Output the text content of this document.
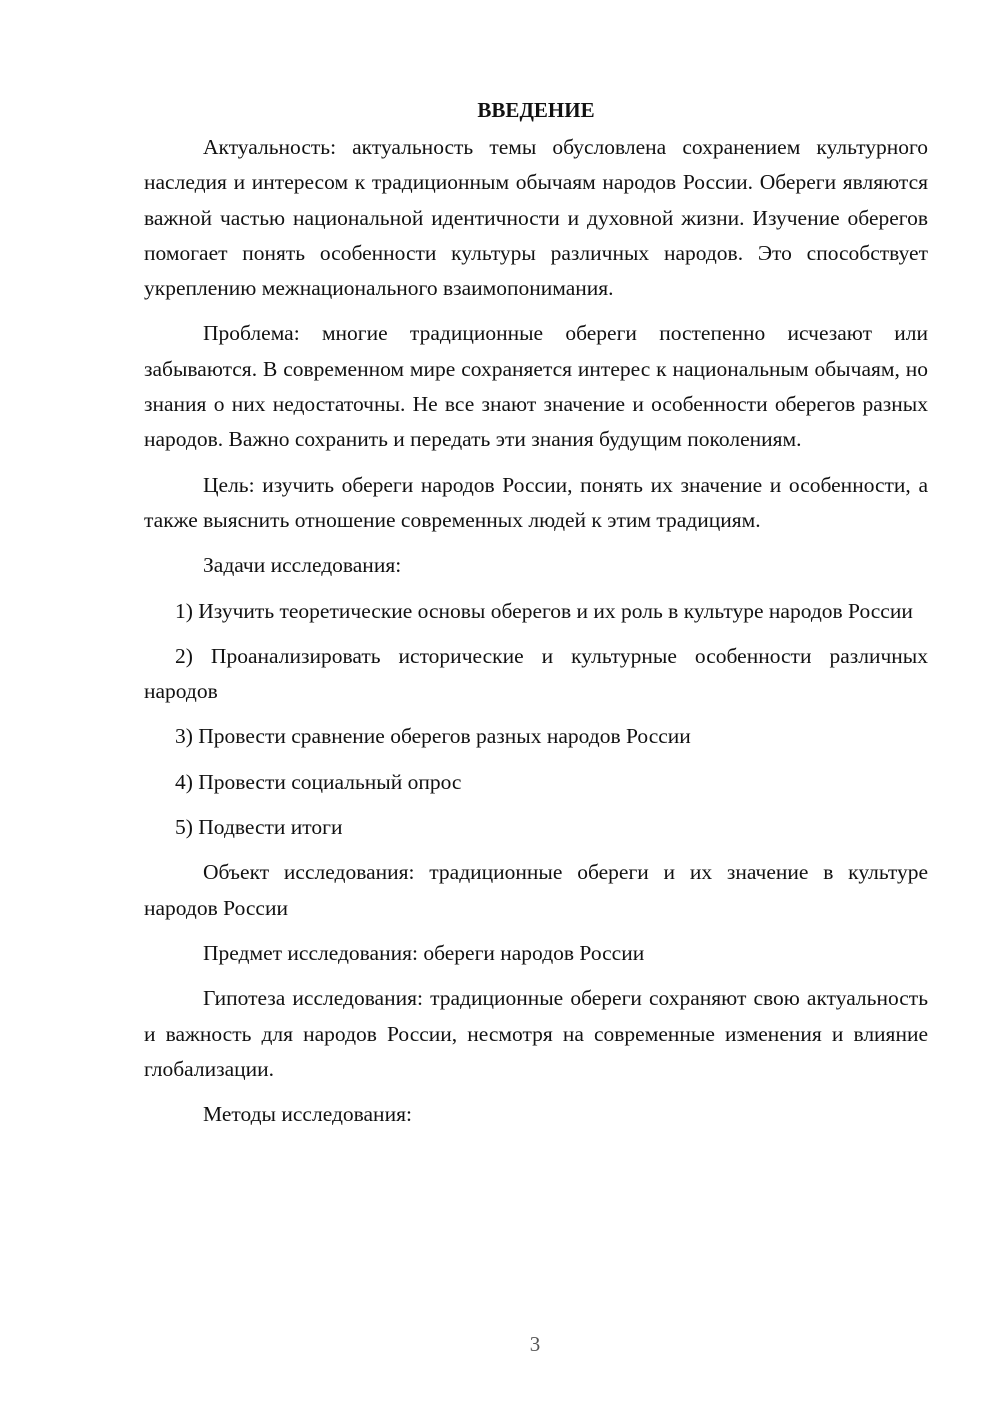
ВВЕДЕНИЕ

Актуальность: актуальность темы обусловлена сохранением культурного наследия и интересом к традиционным обычаям народов России. Обереги являются важной частью национальной идентичности и духовной жизни. Изучение оберегов помогает понять особенности культуры различных народов. Это способствует укреплению межнационального взаимопонимания.

Проблема: многие традиционные обереги постепенно исчезают или забываются. В современном мире сохраняется интерес к национальным обычаям, но знания о них недостаточны. Не все знают значение и особенности оберегов разных народов. Важно сохранить и передать эти знания будущим поколениям.

Цель: изучить обереги народов России, понять их значение и особенности, а также выяснить отношение современных людей к этим традициям.

Задачи исследования:

1) Изучить теоретические основы оберегов и их роль в культуре народов России

2) Проанализировать исторические и культурные особенности различных народов

3) Провести сравнение оберегов разных народов России

4) Провести социальный опрос

5) Подвести итоги

Объект исследования: традиционные обереги и их значение в культуре народов России

Предмет исследования: обереги народов России

Гипотеза исследования: традиционные обереги сохраняют свою актуальность и важность для народов России, несмотря на современные изменения и влияние глобализации.

Методы исследования:

3
